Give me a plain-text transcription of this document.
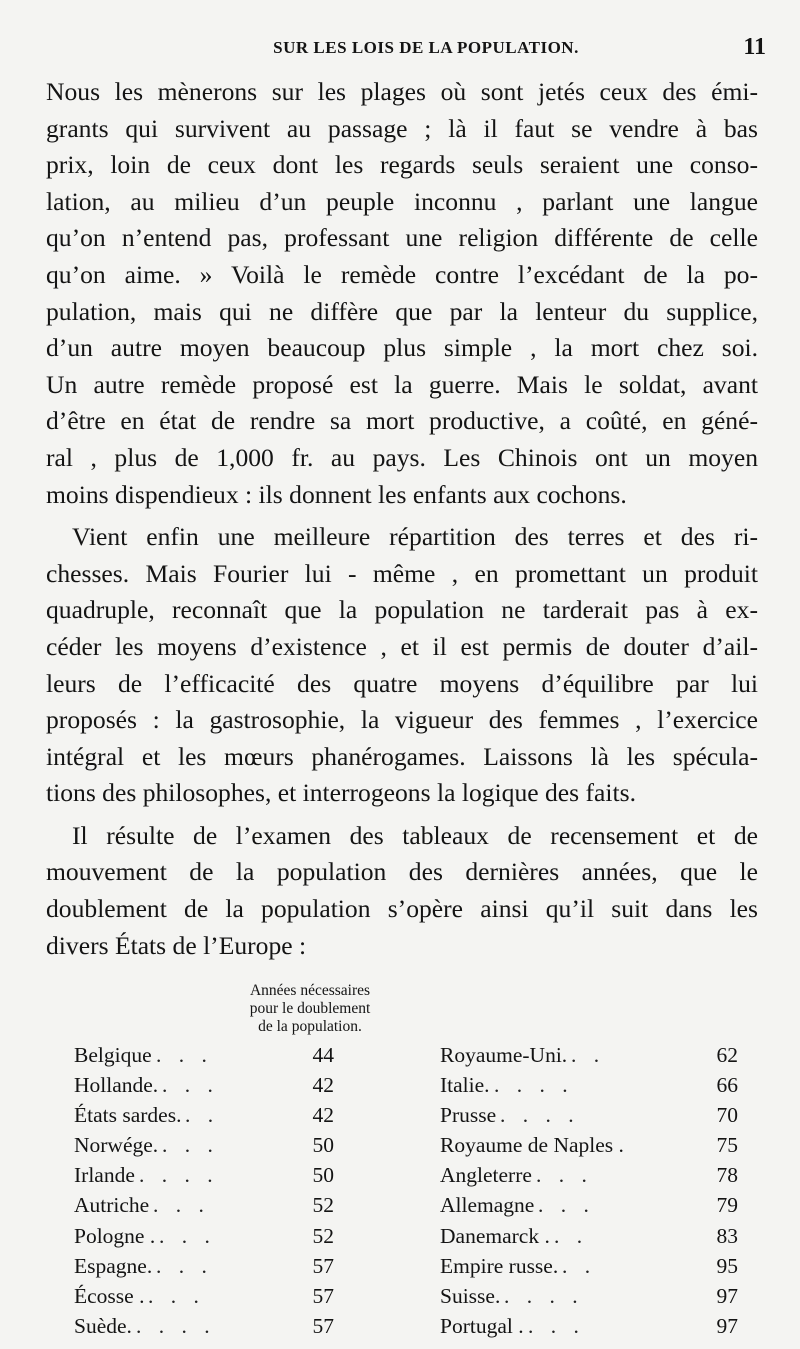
SUR LES LOIS DE LA POPULATION.	11
Nous les mènerons sur les plages où sont jetés ceux des émi-
grants qui survivent au passage ; là il faut se vendre à bas
prix, loin de ceux dont les regards seuls seraient une conso-
lation, au milieu d’un peuple inconnu , parlant une langue
qu’on n’entend pas, professant une religion différente de celle
qu’on aime. » Voilà le remède contre l’excédant de la po-
pulation, mais qui ne diffère que par la lenteur du supplice,
d’un autre moyen beaucoup plus simple , la mort chez soi.
Un autre remède proposé est la guerre. Mais le soldat, avant
d’être en état de rendre sa mort productive, a coûté, en géné-
ral , plus de 1,000 fr. au pays. Les Chinois ont un moyen
moins dispendieux : ils donnent les enfants aux cochons.
Vient enfin une meilleure répartition des terres et des ri-
chesses. Mais Fourier lui - même , en promettant un produit
quadruple, reconnaît que la population ne tarderait pas à ex-
céder les moyens d’existence , et il est permis de douter d’ail-
leurs de l’efficacité des quatre moyens d’équilibre par lui
proposés : la gastrosophie, la vigueur des femmes , l’exercice
intégral et les mœurs phanérogames. Laissons là les spécula-
tions des philosophes, et interrogeons la logique des faits.
Il résulte de l’examen des tableaux de recensement et de
mouvement de la population des dernières années, que le
doublement de la population s’opère ainsi qu’il suit dans les
divers États de l’Europe :
Années nécessaires
pour le doublement
de la population.
Belgique . . .	44
Hollande. . . .	42
États sardes. . .	42
Norwége. . . .	50
Irlande . . . .	50
Autriche . . .	52
Pologne . . . .	52
Espagne. . . .	57
Écosse . . . .	57
Suède. . . . .	57
Royaume-Uni. . .	62
Italie. . . . .	66
Prusse . . . .	70
Royaume de Naples .	75
Angleterre . . .	78
Allemagne . . .	79
Danemarck . . .	83
Empire russe. . .	95
Suisse. . . . .	97
Portugal . . . .	97
